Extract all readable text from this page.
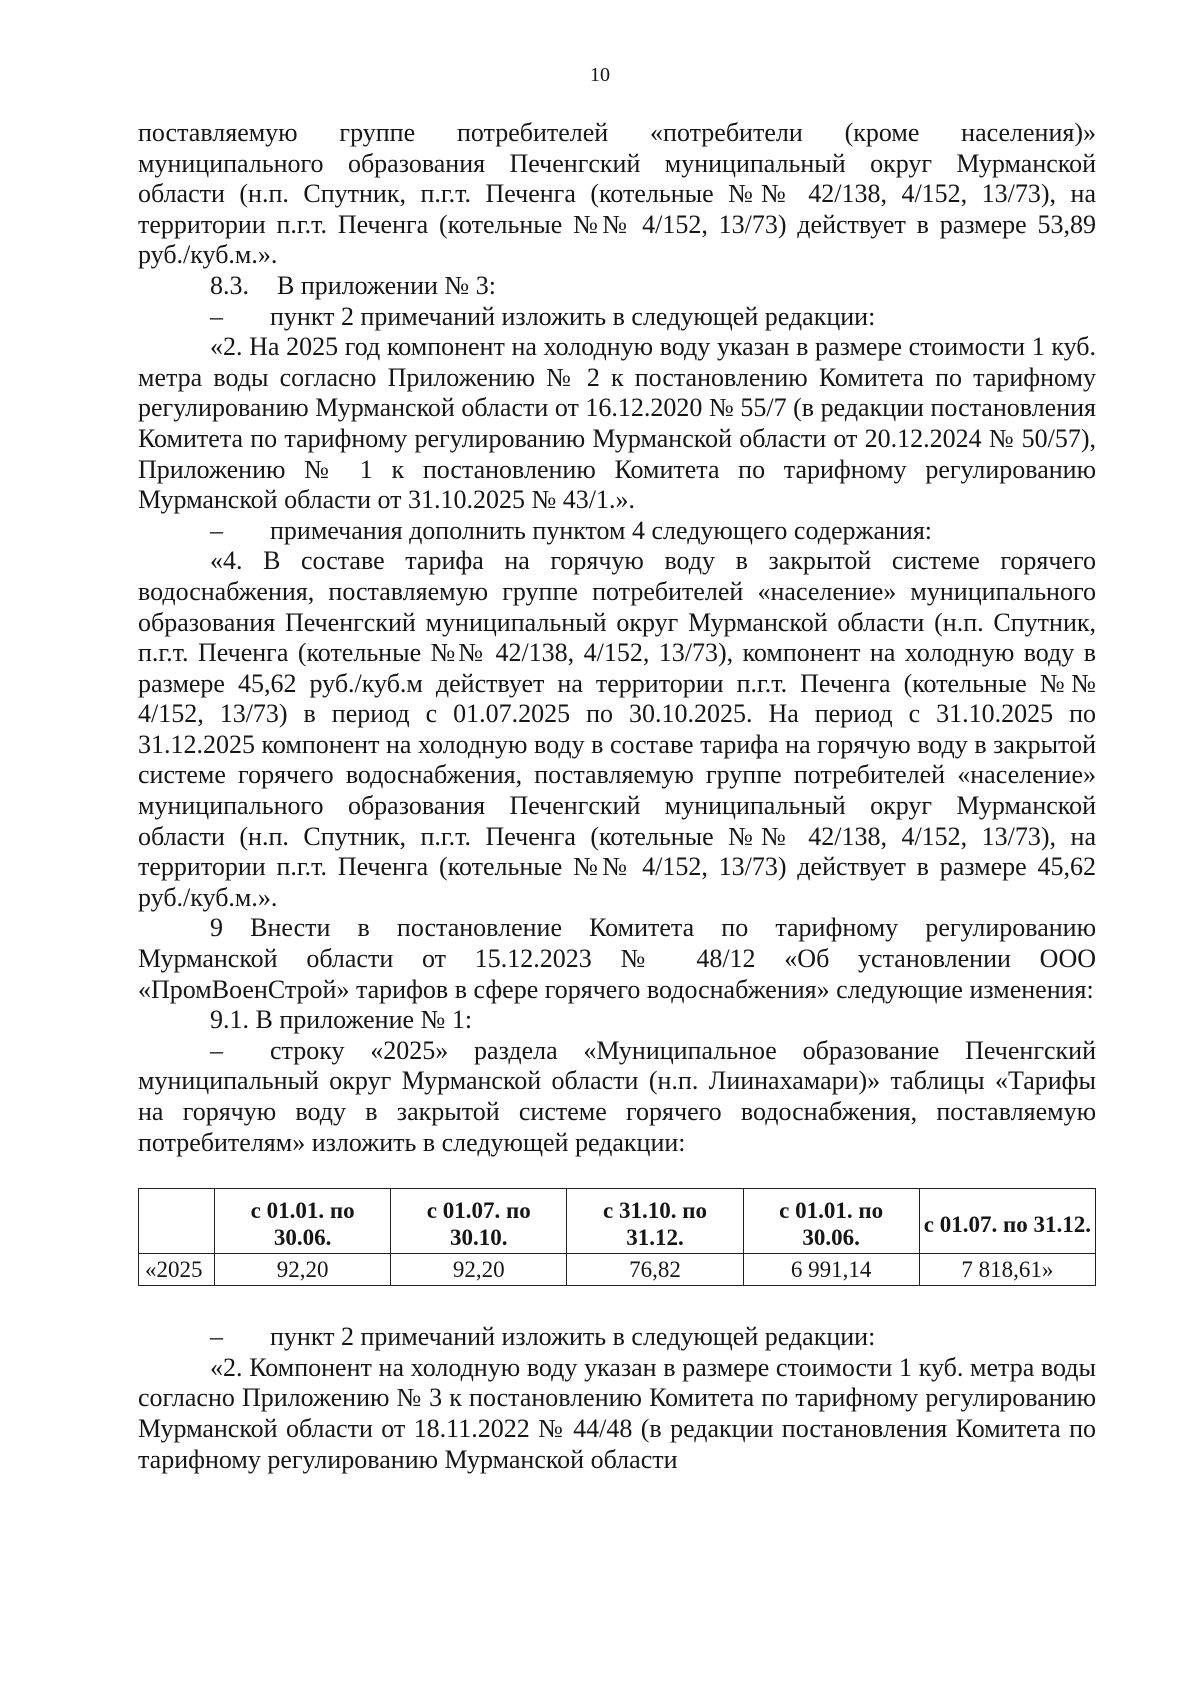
10

поставляемую группе потребителей «потребители (кроме населения)»

муниципального образования Печенгский муниципальный округ Мурманской области (н.п. Спутник, п.г.т. Печенга (котельные №№ 42/138, 4/152, 13/73), на территории п.г.т. Печенга (котельные №№ 4/152, 13/73) действует в размере 53,89 руб./куб.м.».

8.3. В приложении № 3:
–	пункт 2 примечаний изложить в следующей редакции:

«2. На 2025 год компонент на холодную воду указан в размере стоимости 1 куб. метра воды согласно Приложению № 2 к постановлению Комитета по тарифному регулированию Мурманской области от 16.12.2020 № 55/7 (в редакции постановления Комитета по тарифному регулированию Мурманской области от 20.12.2024 № 50/57), Приложению № 1 к постановлению Комитета по тарифному регулированию Мурманской области от 31.10.2025 № 43/1.».

–	примечания дополнить пунктом 4 следующего содержания:

«4. В составе тарифа на горячую воду в закрытой системе горячего водоснабжения, поставляемую группе потребителей «население» муниципального образования Печенгский муниципальный округ Мурманской области (н.п. Спутник, п.г.т. Печенга (котельные №№ 42/138, 4/152, 13/73), компонент на холодную воду в размере 45,62 руб./куб.м действует на территории п.г.т. Печенга (котельные №№ 4/152, 13/73) в период с 01.07.2025 по 30.10.2025. На период с 31.10.2025 по 31.12.2025 компонент на холодную воду в составе тарифа на горячую воду в закрытой системе горячего водоснабжения, поставляемую группе потребителей «население» муниципального образования Печенгский муниципальный округ Мурманской области (н.п. Спутник, п.г.т. Печенга (котельные №№ 42/138, 4/152, 13/73), на территории п.г.т. Печенга (котельные №№ 4/152, 13/73) действует в размере 45,62 руб./куб.м.».

9 Внести в постановление Комитета по тарифному регулированию Мурманской области от 15.12.2023 № 48/12 «Об установлении ООО «ПромВоенСтрой» тарифов в сфере горячего водоснабжения» следующие изменения:

9.1. В приложение № 1:

–	строку «2025» раздела «Муниципальное образование Печенгский муниципальный округ Мурманской области (н.п. Лиинахамари)» таблицы «Тарифы на горячую воду в закрытой системе горячего водоснабжения, поставляемую потребителям» изложить в следующей редакции:

	с 01.01. по 30.06.	с 01.07. по 30.10.	с 31.10. по 31.12.	с 01.01. по 30.06.	с 01.07. по 31.12.
«2025	92,20	92,20	76,82	6 991,14	7 818,61»
–	пункт 2 примечаний изложить в следующей редакции:

«2. Компонент на холодную воду указан в размере стоимости 1 куб. метра воды согласно Приложению № 3 к постановлению Комитета по тарифному регулированию Мурманской области от 18.11.2022 № 44/48 (в редакции постановления Комитета по тарифному регулированию Мурманской области
